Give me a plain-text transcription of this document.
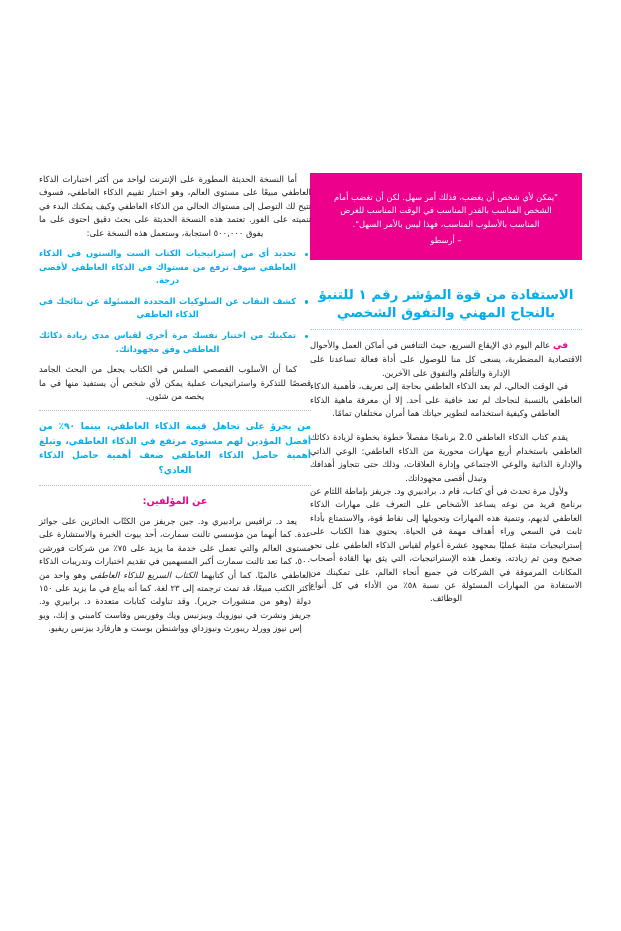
"يمكن لأي شخص أن يغضب، فذلك أمر سهل. لكن أن تغضب أمام الشخص المناسب بالقدر المناسب في الوقت المناسب للغرض المناسب بالأسلوب المناسب، فهذا ليس بالأمر السهل".

– أرسطو

الاستفادة من قوة المؤشر رقم ١ للتنبؤ بالنجاح المهني والتفوق الشخصي

في عالم اليوم ذي الإيقاع السريع، حيث التنافس في أماكن العمل والأحوال الاقتصادية المضطربة، يسعى كل منا للوصول على أداة فعالة تساعدنا على الإدارة والتأقلم والتفوق على الآخرين.

في الوقت الحالي، لم يعد الذكاء العاطفي بحاجة إلى تعريف، فأهمية الذكاء العاطفي بالنسبة لنجاحك لم تعد خافية على أحد. إلا أن معرفة ماهية الذكاء العاطفي وكيفية استخدامه لتطوير حياتك هما أمران مختلفان تمامًا.

يقدم كتاب الذكاء العاطفي 2.0 برنامجًا مفصلاً خطوة بخطوة لزيادة ذكائك العاطفي باستخدام أربع مهارات محورية من الذكاء العاطفي: الوعي الذاتي والإدارة الذاتية والوعي الاجتماعي وإدارة العلاقات، وذلك حتى تتجاوز أهدافك وتبذل أقصى مجهوداتك.

ولأول مرة تحدث في أي كتاب، قام د. برادبيري ود. جريفز بإماطة اللثام عن برنامج فريد من نوعه يساعد الأشخاص على التعرف على مهارات الذكاء العاطفي لديهم، وتنمية هذه المهارات وتحويلها إلى نقاط قوة، والاستمتاع بأداء ثابت في السعي وراء أهداف مهمة في الحياة. يحتوي هذا الكتاب على إستراتيجيات مثبتة عمليًا بمجهود عشرة أعوام لقياس الذكاء العاطفي على نحو صحيح ومن ثم زيادته. وتعمل هذه الإستراتيجيات، التي يثق بها القادة أصحاب المكانات المرموقة في الشركات في جميع أنحاء العالم، على تمكينك من الاستفادة من المهارات المسئولة عن نسبة ٥٨٪ من الأداء في كل أنواع الوظائف.

أما النسخة الحديثة المطورة على الإنترنت لواحد من أكثر اختبارات الذكاء العاطفي مبيعًا على مستوى العالم، وهو اختبار تقييم الذكاء العاطفي، فسوف تتيح لك التوصل إلى مستواك الحالي من الذكاء العاطفي وكيف يمكنك البدء في تنميته على الفور. تعتمد هذه النسخة الحديثة على بحث دقيق احتوى على ما يفوق ٥٠٠,٠٠٠ استجابة، وستعمل هذه النسخة على:

تحديد أي من إستراتيجيات الكتاب الست والستون في الذكاء العاطفي سوف ترفع من مستواك في الذكاء العاطفي لأقصى درجة.
كشف النقاب عن السلوكيات المحددة المسئولة عن نتائجك في الذكاء العاطفي
تمكينك من اختبار نفسك مرة أخرى لقياس مدى زيادة ذكائك العاطفي وفق مجهوداتك.

كما أن الأسلوب القصصي السلس في الكتاب يجعل من البحث الجامد قصصًا للتذكرة واستراتيجيات عملية يمكن لأي شخص أن يستفيد منها في ما يخصه من شئون.

من يجرؤ على تجاهل قيمة الذكاء العاطفي، بينما ٩٠٪ من أفضل المؤدين لهم مستوى مرتفع في الذكاء العاطفي، وتبلغ أهمية حاصل الذكاء العاطفي ضعف أهمية حاصل الذكاء العادي؟

عن المؤلفين:

يعد د. ترافيس برادبيري ود. جين جريفز من الكتّاب الحائزين على جوائز عدة. كما أنهما من مؤسسي تالنت سمارت، أحد بيوت الخبرة والاستشارة على مستوى العالم والتي تعمل على خدمة ما يزيد على ٧٥٪ من شركات فورشن ٥٠٠، كما تعد تالنت سمارت أكبر المسهمين في تقديم اختبارات وتدريبات الذكاء العاطفي عالميًا. كما أن كتابهما الكتاب السريع للذكاء العاطفي وهو واحد من أكثر الكتب مبيعًا، قد تمت ترجمته إلى ٢٣ لغة. كما أنه يباع في ما يزيد على ١٥٠ دولة (وهو من منشورات جرير). وقد تناولت كتابات متعددة د. برابيري ود. جريفز ونشرت في نيوزويك وبيزنيس ويك وفوربس وفاست كامبني و إنك، ويو إس نيوز وورلد ريبورت ونيوزداي وواشنطن بوست و هارفارد بيزنس ريفيو.
